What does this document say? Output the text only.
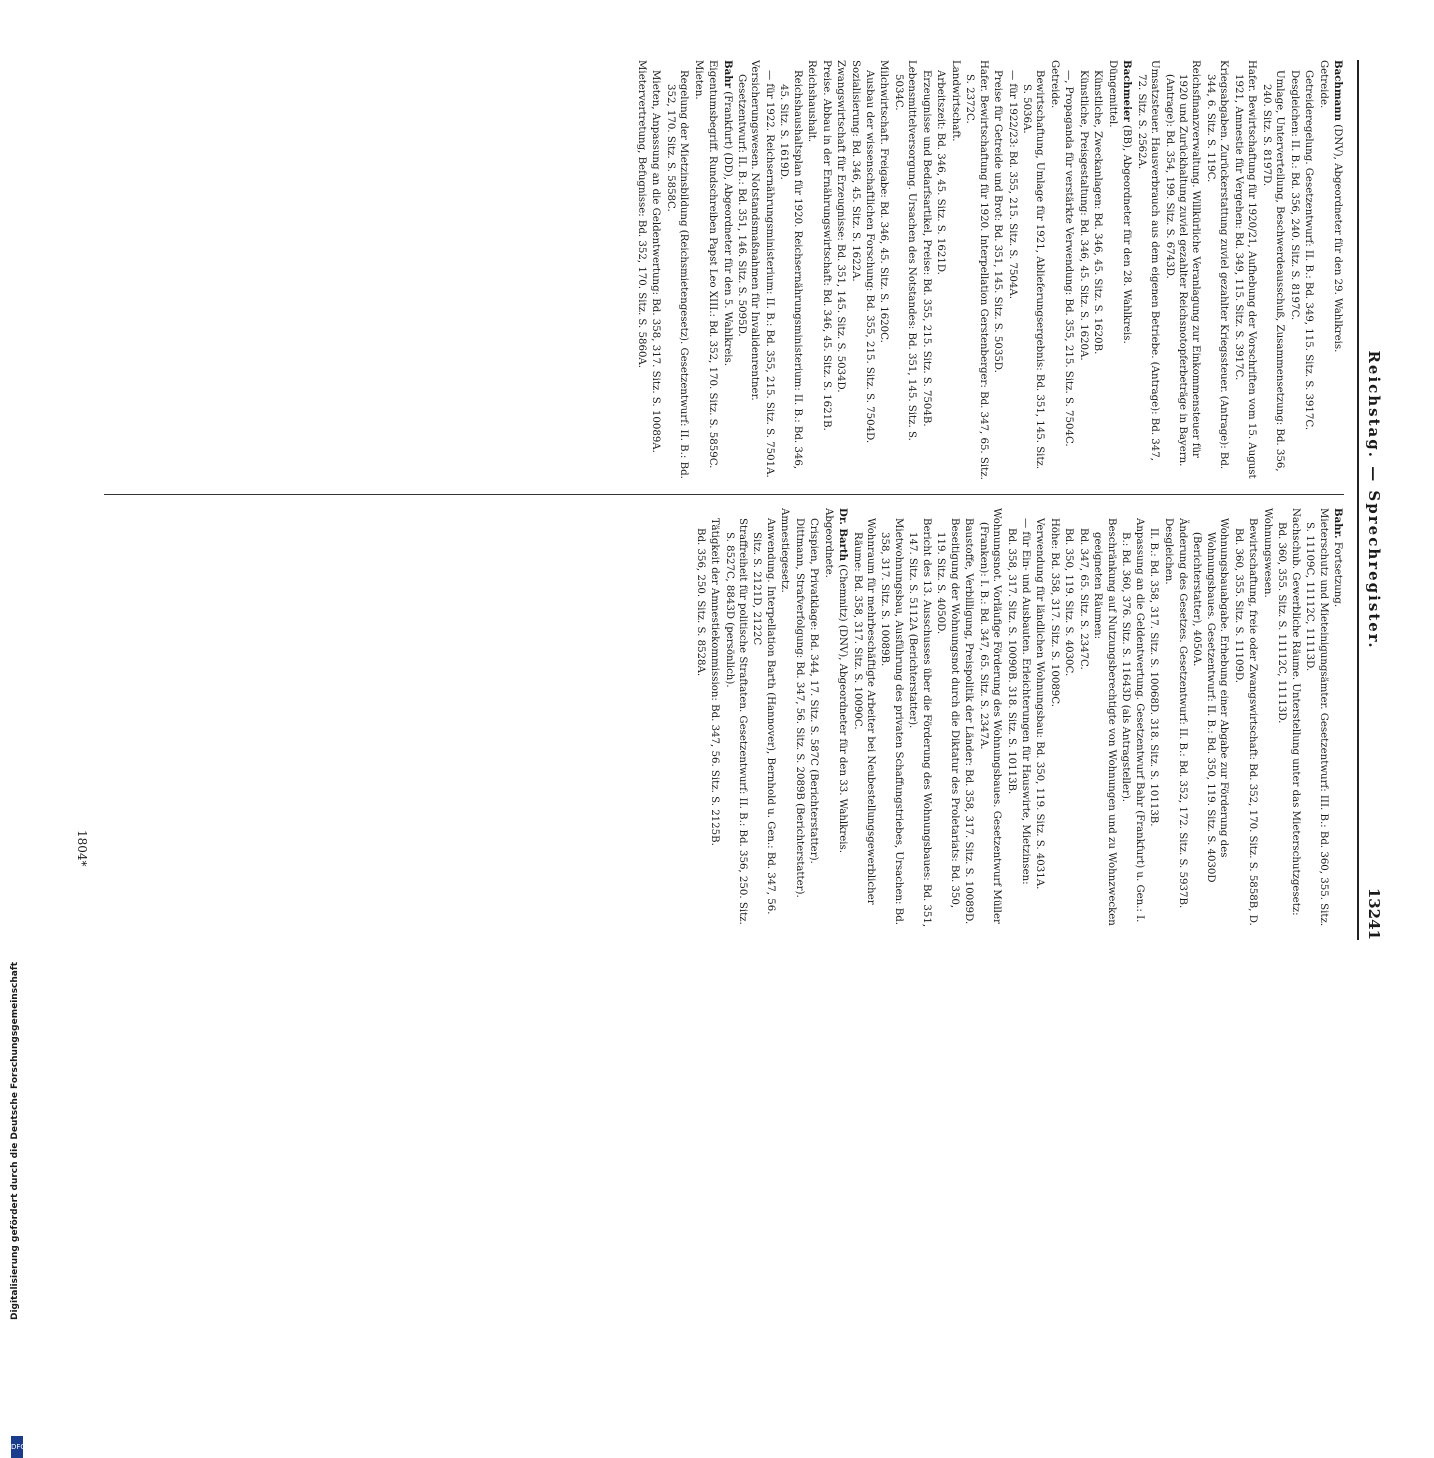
Reichstag. — Sprechregister.
13241
Bachmann (DNV), Abgeordneter für den 29. Wahlkreis.
Getreide.
Getreideregelung. Gesetzentwurf: II. B.: Bd. 349, 115. Sitz. S. 3917C.
Desgleichen: II. B.: Bd. 356, 240. Sitz. S. 8197C.
Umlage, Unterverteilung, Beschwerdeausschuß, Zusammensetzung: Bd. 356, 240. Sitz. S. 8197D.
Hafer. Bewirtschaftung für 1920/21, Aufhebung der Vorschriften vom 15. August 1921, Amnestie für Vergehen: Bd. 349, 115. Sitz. S. 3917C.
Kriegsabgaben. Zurückerstattung zuviel gezahlter Kriegssteuer. (Antrage): Bd. 344, 6. Sitz. S. 119C.
Reichsfinanzverwaltung. Willkürliche Veranlagung zur Einkommensteuer für 1920 und Zurückhaltung zuviel gezahlter Reichsnotopferbeträge in Bayern. (Antrage): Bd. 354, 199. Sitz. S. 6743D.
Umsatzsteuer. Hausverbrauch aus dem eigenen Betriebe. (Antrage): Bd. 347, 72. Sitz. S. 2562A.
Bachmeier (BB), Abgeordneter für den 28. Wahlkreis.
Düngemittel.
Künstliche, Zweckanlagen: Bd. 346, 45. Sitz. S. 1620B.
Künstliche, Preisgestaltung: Bd. 346, 45. Sitz. S. 1620A.
—, Propaganda für verstärkte Verwendung: Bd. 355, 215. Sitz. S. 7504C.
Getreide.
Bewirtschaftung, Umlage für 1921, Ablieferungsergebnis: Bd. 351, 145. Sitz. S. 5036A.
— für 1922/23: Bd. 355, 215. Sitz. S. 7504A.
Preise für Getreide und Brot: Bd. 351, 145. Sitz. S. 5035D.
Hafer. Bewirtschaftung für 1920. Interpellation Gerstenberger: Bd. 347, 65. Sitz. S. 2372C.
Landwirtschaft.
Arbeitszeit: Bd. 346, 45. Sitz. S. 1621D.
Erzeugnisse und Bedarfsartikel, Preise: Bd. 355, 215. Sitz. S. 7504B.
Lebensmittelversorgung. Ursachen des Notstandes: Bd. 351, 145. Sitz. S. 5034C.
Milchwirtschaft. Freigabe: Bd. 346, 45. Sitz. S. 1620C.
Ausbau der wissenschaftlichen Forschung: Bd. 355, 215. Sitz. S. 7504D.
Sozialisierung: Bd. 346, 45. Sitz. S. 1622A.
Zwangswirtschaft für Erzeugnisse: Bd. 351, 145. Sitz. S. 5034D.
Preise. Abbau in der Ernährungswirtschaft: Bd. 346, 45. Sitz. S. 1621B.
Reichshaushalt.
Reichshaushaltsplan für 1920. Reichsernährungsministerium: II. B.: Bd. 346, 45. Sitz. S. 1619D.
— für 1922. Reichsernährungsministerium: II. B.: Bd. 355, 215. Sitz. S. 7501A.
Versicherungswesen. Notstandsmaßnahmen für Invalidenrentner. Gesetzentwurf: II. B.: Bd. 351, 146. Sitz. S. 5095D.
Bahr (Frankfurt) (DD), Abgeordneter für den 5. Wahlkreis.
Eigentumsbegriff. Rundschreiben Papst Leo XIII.: Bd. 352, 170. Sitz. S. 5859C.
Mieten.
Regelung der Mietzinsbildung (Reichsmietengesetz). Gesetzentwurf: II. B.: Bd. 352, 170. Sitz. S. 5858C.
Mieten, Anpassung an die Geldentwertung: Bd. 358, 317. Sitz. S. 10089A.
Mietervertretung, Befugnisse: Bd. 352, 170. Sitz. S. 5860A.
Bahr. Fortsetzung.
Mieterschutz und Mieteinigungsämter. Gesetzentwurf: III. B.: Bd. 360, 355. Sitz. S. 11109C, 11112C, 11113D.
Nachschub. Gewerbliche Räume. Unterstellung unter das Mieterschutzgesetz: Bd. 360, 355. Sitz. S. 11112C, 11113D.
Wohnungswesen.
Bewirtschaftung, freie oder Zwangswirtschaft: Bd. 352, 170. Sitz. S. 5858B, D.
Bd. 360, 355. Sitz. S. 11109D.
Wohnungsbauabgabe. Erhebung einer Abgabe zur Förderung des Wohnungsbaues. Gesetzentwurf: II. B.: Bd. 350, 119. Sitz. S. 4030D (Berichterstatter), 4050A.
Änderung des Gesetzes. Gesetzentwurf: II. B.: Bd. 352, 172. Sitz. S. 5937B.
Desgleichen.
II. B.: Bd. 358, 317. Sitz. S. 10068D. 318. Sitz. S. 10113B.
Anpassung an die Geldentwertung. Gesetzentwurf Bahr (Frankfurt) u. Gen.: I. B.: Bd. 360, 376. Sitz. S. 11643D (als Antragsteller).
Beschränkung auf Nutzungsberechtigte von Wohnungen und zu Wohnzwecken geeigneten Räumen:
Bd. 347, 65. Sitz. S. 2347C.
Bd. 350, 119. Sitz. S. 4030C.
Höhe: Bd. 358, 317. Sitz. S. 10089C.
Verwendung für ländlichen Wohnungsbau: Bd. 350, 119. Sitz. S. 4031A.
— für Ein- und Ausbauten. Erleichterungen für Hauswirte, Mietzinsen:
Bd. 358, 317. Sitz. S. 10090B. 318. Sitz. S. 10113B.
Wohnungsnot. Vorläufige Förderung des Wohnungsbaues. Gesetzentwurf Müller (Franken): I. B.: Bd. 347, 65. Sitz. S. 2347A.
Baustoffe, Verbilligung, Preispolitik der Länder: Bd. 358, 317. Sitz. S. 10089D.
Beseitigung der Wohnungsnot durch die Diktatur des Proletariats: Bd. 350, 119. Sitz. S. 4050D.
Bericht des 13. Ausschusses über die Förderung des Wohnungsbaues: Bd. 351, 147. Sitz. S. 5112A (Berichterstatter).
Mietwohnungsbau, Ausführung des privaten Schaffungstriebes, Ursachen: Bd. 358, 317. Sitz. S. 10089B.
Wohnraum für mehrbeschäftigte Arbeiter bei Neubestellungsgewerblicher Räume: Bd. 358, 317. Sitz. S. 10090C.
Dr. Barth (Chemnitz) (DNV), Abgeordneter für den 33. Wahlkreis.
Abgeordnete.
Crispien, Privatklage: Bd. 344, 17. Sitz. S. 587C (Berichterstatter).
Dittmann, Strafverfolgung: Bd. 347, 56. Sitz. S. 2089B (Berichterstatter).
Amnestiegesetz.
Anwendung. Interpellation Barth (Hannover), Bernhold u. Gen.: Bd. 347, 56. Sitz. S. 2121D, 2122C
Straffreiheit für politische Straftaten. Gesetzentwurf: II. B.: Bd. 356, 250. Sitz. S. 8527C, 8843D (persönlich).
Tätigkeit der Amnestiekommission: Bd. 347, 56. Sitz. S. 2125B.
Bd. 356, 250. Sitz. S. 8528A.
1804*
Digitalisierung gefördert durch die Deutsche Forschungsgemeinschaft
DFG
